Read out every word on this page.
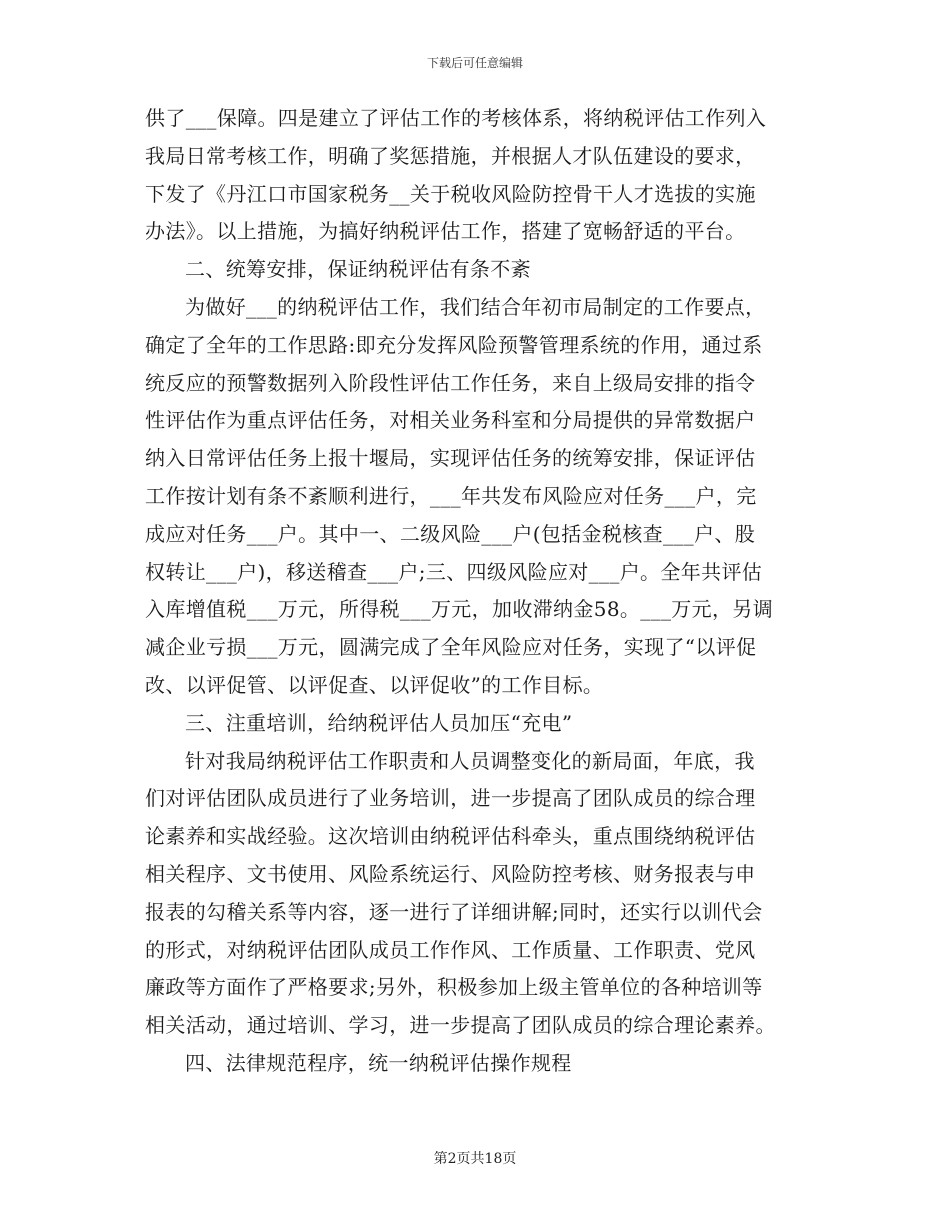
下载后可任意编辑
供了___保障。四是建立了评估工作的考核体系，将纳税评估工作列入
我局日常考核工作，明确了奖惩措施，并根据人才队伍建设的要求，
下发了《丹江口市国家税务__关于税收风险防控骨干人才选拔的实施
办法》。以上措施，为搞好纳税评估工作，搭建了宽畅舒适的平台。
二、统筹安排，保证纳税评估有条不紊
为做好___的纳税评估工作，我们结合年初市局制定的工作要点，
确定了全年的工作思路:即充分发挥风险预警管理系统的作用，通过系
统反应的预警数据列入阶段性评估工作任务，来自上级局安排的指令
性评估作为重点评估任务，对相关业务科室和分局提供的异常数据户
纳入日常评估任务上报十堰局，实现评估任务的统筹安排，保证评估
工作按计划有条不紊顺利进行，___年共发布风险应对任务___户，完
成应对任务___户。其中一、二级风险___户(包括金税核查___户、股
权转让___户)，移送稽查___户;三、四级风险应对___户。全年共评估
入库增值税___万元，所得税___万元，加收滞纳金58。___万元，另调
减企业亏损___万元，圆满完成了全年风险应对任务，实现了“以评促
改、以评促管、以评促查、以评促收”的工作目标。
三、注重培训，给纳税评估人员加压“充电”
针对我局纳税评估工作职责和人员调整变化的新局面，年底，我
们对评估团队成员进行了业务培训，进一步提高了团队成员的综合理
论素养和实战经验。这次培训由纳税评估科牵头，重点围绕纳税评估
相关程序、文书使用、风险系统运行、风险防控考核、财务报表与申
报表的勾稽关系等内容，逐一进行了详细讲解;同时，还实行以训代会
的形式，对纳税评估团队成员工作作风、工作质量、工作职责、党风
廉政等方面作了严格要求;另外，积极参加上级主管单位的各种培训等
相关活动，通过培训、学习，进一步提高了团队成员的综合理论素养。
四、法律规范程序，统一纳税评估操作规程
第2页共18页
